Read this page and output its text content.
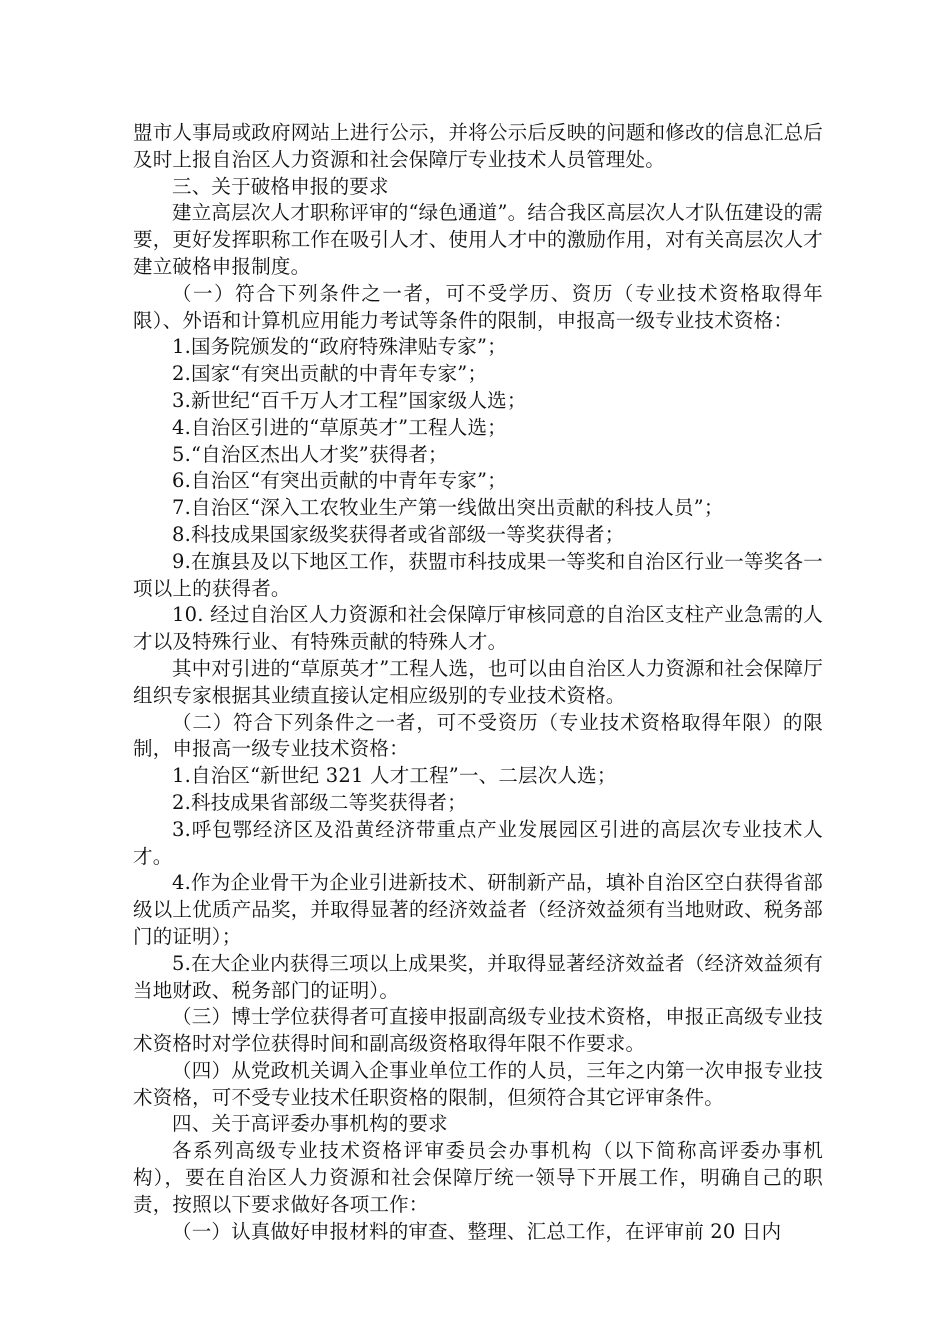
盟市人事局或政府网站上进行公示，并将公示后反映的问题和修改的信息汇总后及时上报自治区人力资源和社会保障厅专业技术人员管理处。

三、关于破格申报的要求

建立高层次人才职称评审的“绿色通道”。结合我区高层次人才队伍建设的需要，更好发挥职称工作在吸引人才、使用人才中的激励作用，对有关高层次人才建立破格申报制度。

（一）符合下列条件之一者，可不受学历、资历（专业技术资格取得年限）、外语和计算机应用能力考试等条件的限制，申报高一级专业技术资格：

1.国务院颁发的“政府特殊津贴专家”；

2.国家“有突出贡献的中青年专家”；

3.新世纪“百千万人才工程”国家级人选；

4.自治区引进的“草原英才”工程人选；

5.“自治区杰出人才奖”获得者；

6.自治区“有突出贡献的中青年专家”；

7.自治区“深入工农牧业生产第一线做出突出贡献的科技人员”；

8.科技成果国家级奖获得者或省部级一等奖获得者；

9.在旗县及以下地区工作，获盟市科技成果一等奖和自治区行业一等奖各一项以上的获得者。

10. 经过自治区人力资源和社会保障厅审核同意的自治区支柱产业急需的人才以及特殊行业、有特殊贡献的特殊人才。

其中对引进的“草原英才”工程人选，也可以由自治区人力资源和社会保障厅组织专家根据其业绩直接认定相应级别的专业技术资格。

（二）符合下列条件之一者，可不受资历（专业技术资格取得年限）的限制，申报高一级专业技术资格：

1.自治区“新世纪 321 人才工程”一、二层次人选；

2.科技成果省部级二等奖获得者；

3.呼包鄂经济区及沿黄经济带重点产业发展园区引进的高层次专业技术人才。

4.作为企业骨干为企业引进新技术、研制新产品，填补自治区空白获得省部级以上优质产品奖，并取得显著的经济效益者（经济效益须有当地财政、税务部门的证明）；

5.在大企业内获得三项以上成果奖，并取得显著经济效益者（经济效益须有当地财政、税务部门的证明）。

（三）博士学位获得者可直接申报副高级专业技术资格，申报正高级专业技术资格时对学位获得时间和副高级资格取得年限不作要求。

（四）从党政机关调入企事业单位工作的人员，三年之内第一次申报专业技术资格，可不受专业技术任职资格的限制，但须符合其它评审条件。

四、关于高评委办事机构的要求

各系列高级专业技术资格评审委员会办事机构（以下简称高评委办事机构），要在自治区人力资源和社会保障厅统一领导下开展工作，明确自己的职责，按照以下要求做好各项工作：

（一）认真做好申报材料的审查、整理、汇总工作，在评审前 20 日内
